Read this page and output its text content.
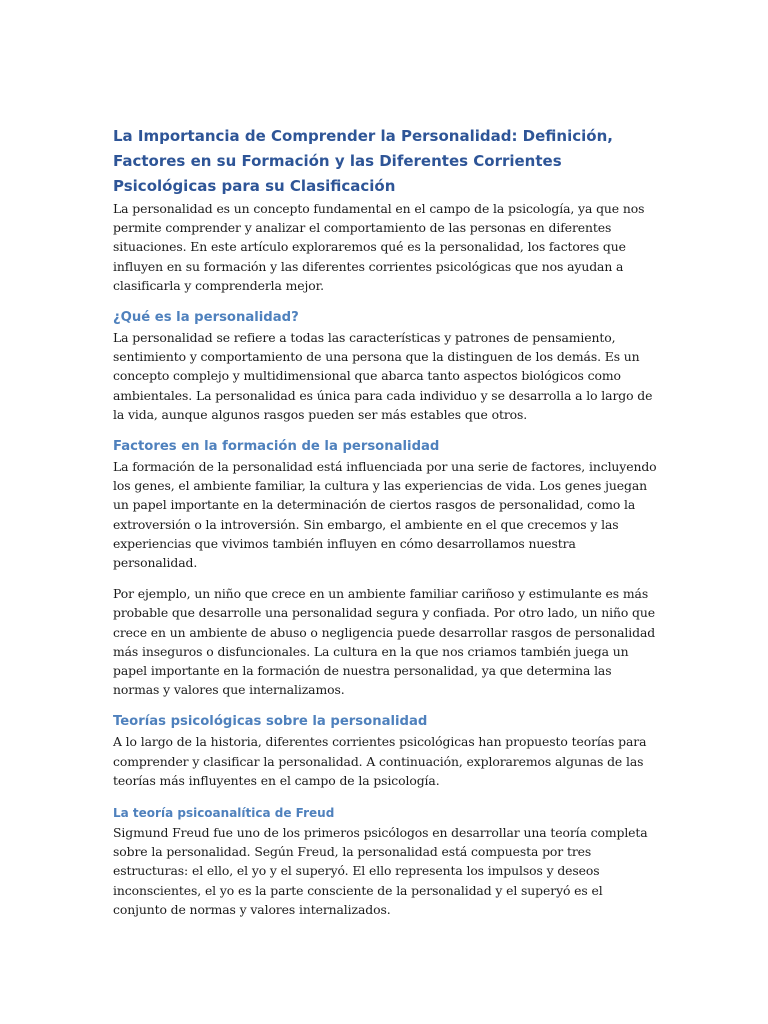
La Importancia de Comprender la Personalidad: Definición, Factores en su Formación y las Diferentes Corrientes Psicológicas para su Clasificación

La personalidad es un concepto fundamental en el campo de la psicología, ya que nos permite comprender y analizar el comportamiento de las personas en diferentes situaciones. En este artículo exploraremos qué es la personalidad, los factores que influyen en su formación y las diferentes corrientes psicológicas que nos ayudan a clasificarla y comprenderla mejor.

¿Qué es la personalidad?

La personalidad se refiere a todas las características y patrones de pensamiento, sentimiento y comportamiento de una persona que la distinguen de los demás. Es un concepto complejo y multidimensional que abarca tanto aspectos biológicos como ambientales. La personalidad es única para cada individuo y se desarrolla a lo largo de la vida, aunque algunos rasgos pueden ser más estables que otros.

Factores en la formación de la personalidad

La formación de la personalidad está influenciada por una serie de factores, incluyendo los genes, el ambiente familiar, la cultura y las experiencias de vida. Los genes juegan un papel importante en la determinación de ciertos rasgos de personalidad, como la extroversión o la introversión. Sin embargo, el ambiente en el que crecemos y las experiencias que vivimos también influyen en cómo desarrollamos nuestra personalidad.

Por ejemplo, un niño que crece en un ambiente familiar cariñoso y estimulante es más probable que desarrolle una personalidad segura y confiada. Por otro lado, un niño que crece en un ambiente de abuso o negligencia puede desarrollar rasgos de personalidad más inseguros o disfuncionales. La cultura en la que nos criamos también juega un papel importante en la formación de nuestra personalidad, ya que determina las normas y valores que internalizamos.

Teorías psicológicas sobre la personalidad

A lo largo de la historia, diferentes corrientes psicológicas han propuesto teorías para comprender y clasificar la personalidad. A continuación, exploraremos algunas de las teorías más influyentes en el campo de la psicología.

La teoría psicoanalítica de Freud

Sigmund Freud fue uno de los primeros psicólogos en desarrollar una teoría completa sobre la personalidad. Según Freud, la personalidad está compuesta por tres estructuras: el ello, el yo y el superyó. El ello representa los impulsos y deseos inconscientes, el yo es la parte consciente de la personalidad y el superyó es el conjunto de normas y valores internalizados.
